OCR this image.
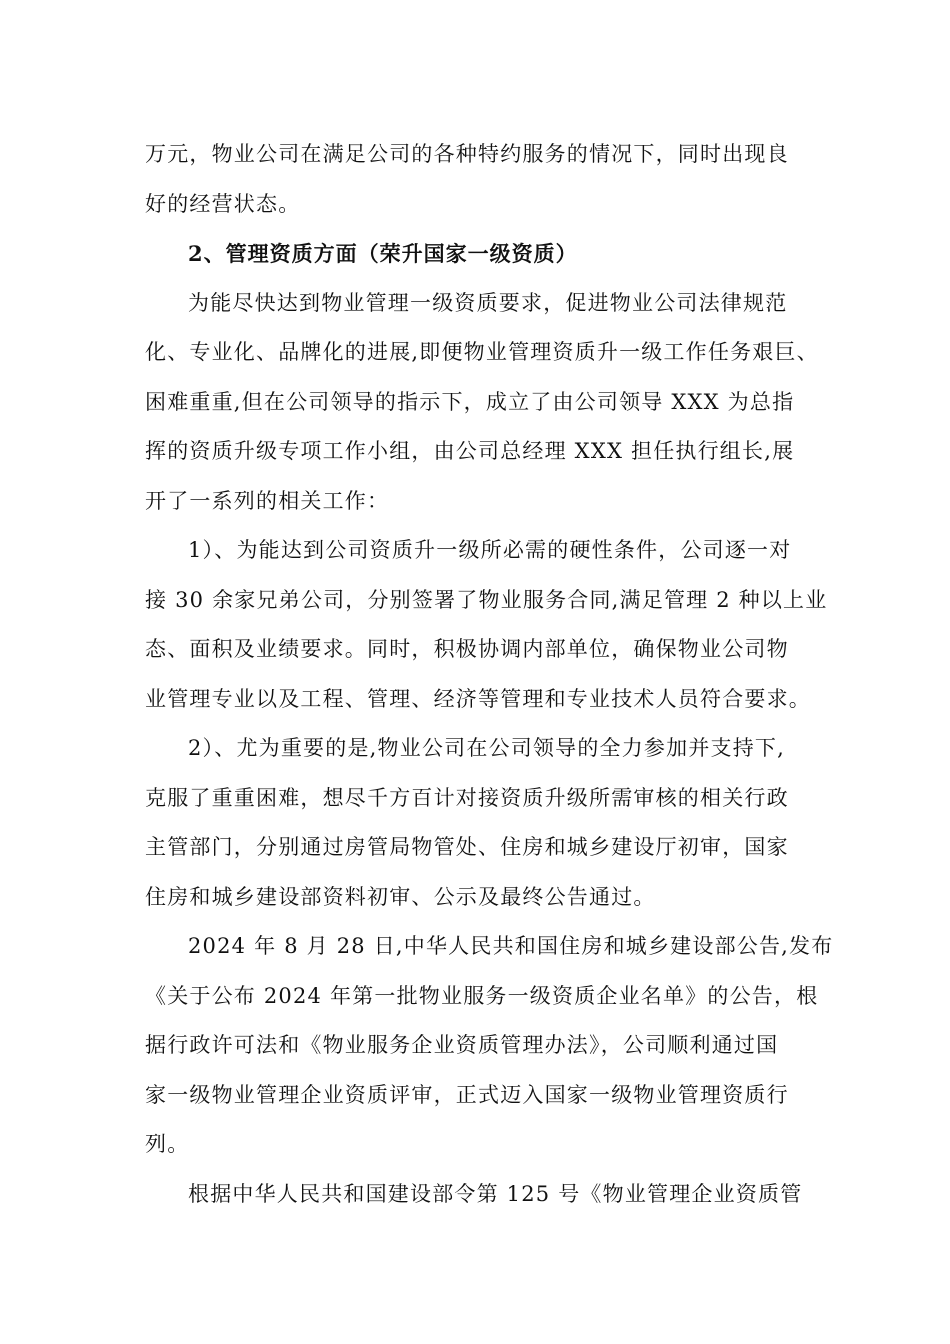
万元，物业公司在满足公司的各种特约服务的情况下，同时出现良
好的经营状态。
2、管理资质方面（荣升国家一级资质）
为能尽快达到物业管理一级资质要求，促进物业公司法律规范
化、专业化、品牌化的进展,即便物业管理资质升一级工作任务艰巨、
困难重重,但在公司领导的指示下，成立了由公司领导 XXX 为总指
挥的资质升级专项工作小组，由公司总经理 XXX 担任执行组长,展
开了一系列的相关工作：
1）、为能达到公司资质升一级所必需的硬性条件，公司逐一对
接 30 余家兄弟公司，分别签署了物业服务合同,满足管理 2 种以上业
态、面积及业绩要求。同时，积极协调内部单位，确保物业公司物
业管理专业以及工程、管理、经济等管理和专业技术人员符合要求。
2）、尤为重要的是,物业公司在公司领导的全力参加并支持下,
克服了重重困难，想尽千方百计对接资质升级所需审核的相关行政
主管部门，分别通过房管局物管处、住房和城乡建设厅初审，国家
住房和城乡建设部资料初审、公示及最终公告通过。
2024 年 8 月 28 日,中华人民共和国住房和城乡建设部公告,发布
《关于公布 2024 年第一批物业服务一级资质企业名单》的公告，根
据行政许可法和《物业服务企业资质管理办法》，公司顺利通过国
家一级物业管理企业资质评审，正式迈入国家一级物业管理资质行
列。
根据中华人民共和国建设部令第 125 号《物业管理企业资质管
